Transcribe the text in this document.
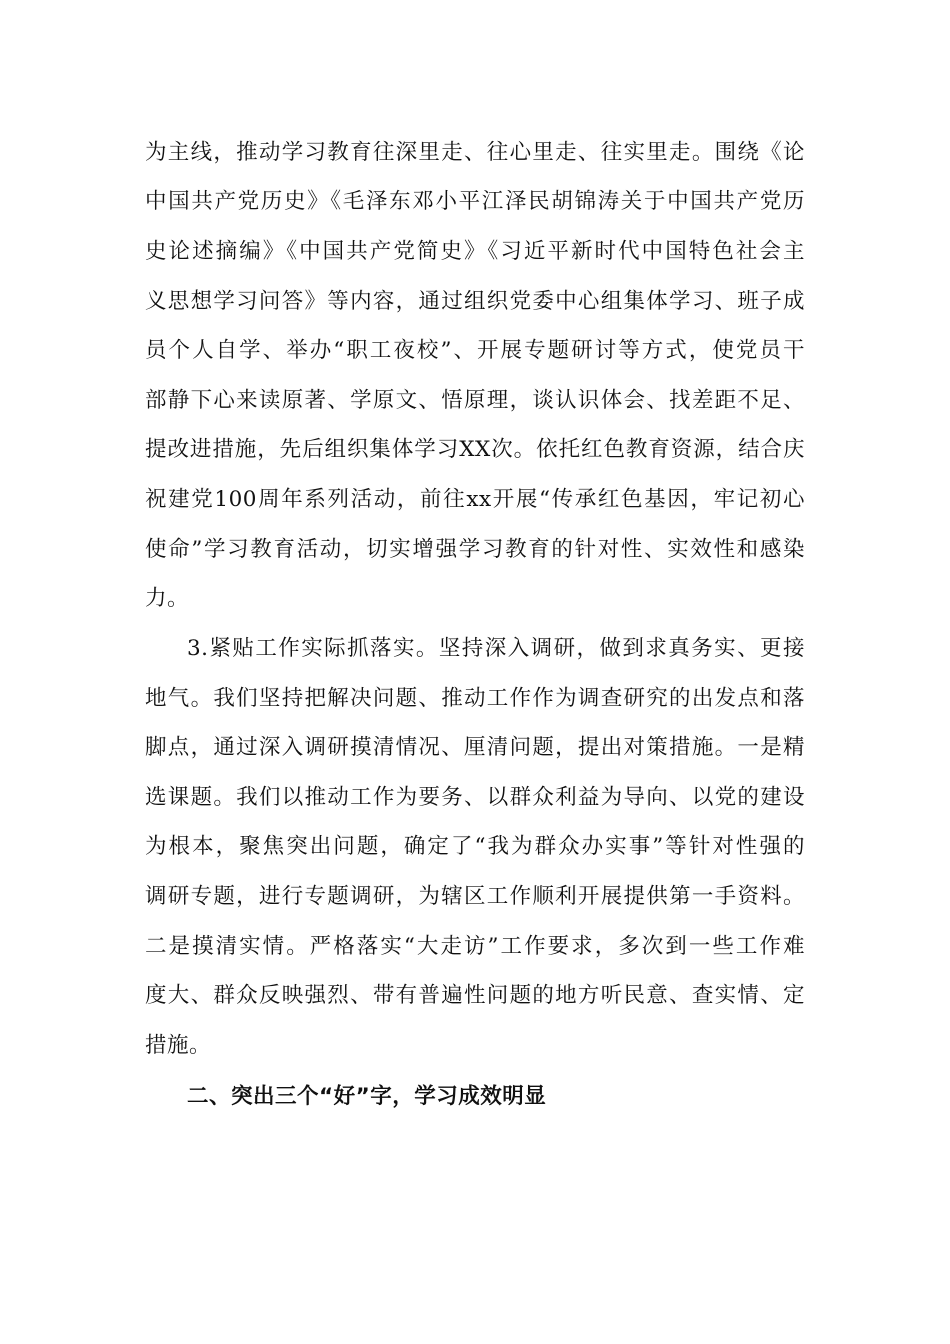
为主线，推动学习教育往深里走、往心里走、往实里走。围绕《论
中国共产党历史》《毛泽东邓小平江泽民胡锦涛关于中国共产党历
史论述摘编》《中国共产党简史》《习近平新时代中国特色社会主
义思想学习问答》等内容，通过组织党委中心组集体学习、班子成
员个人自学、举办“职工夜校”、开展专题研讨等方式，使党员干
部静下心来读原著、学原文、悟原理，谈认识体会、找差距不足、
提改进措施，先后组织集体学习XX次。依托红色教育资源，结合庆
祝建党100周年系列活动，前往xx开展“传承红色基因，牢记初心
使命”学习教育活动，切实增强学习教育的针对性、实效性和感染
力。
3.紧贴工作实际抓落实。坚持深入调研，做到求真务实、更接
地气。我们坚持把解决问题、推动工作作为调查研究的出发点和落
脚点，通过深入调研摸清情况、厘清问题，提出对策措施。一是精
选课题。我们以推动工作为要务、以群众利益为导向、以党的建设
为根本，聚焦突出问题，确定了“我为群众办实事”等针对性强的
调研专题，进行专题调研，为辖区工作顺利开展提供第一手资料。
二是摸清实情。严格落实“大走访”工作要求，多次到一些工作难
度大、群众反映强烈、带有普遍性问题的地方听民意、查实情、定
措施。
二、突出三个“好”字，学习成效明显
